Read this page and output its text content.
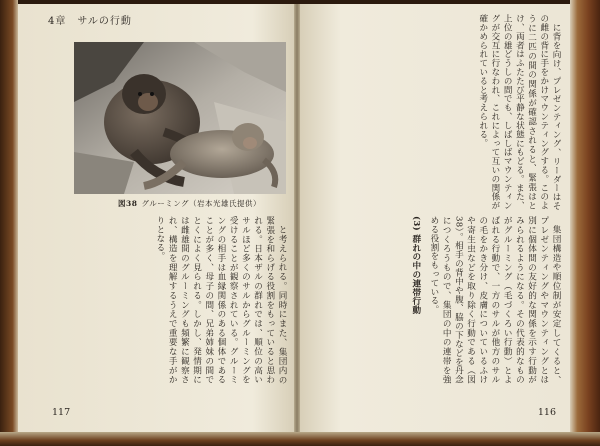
4章　サルの行動
図38 グルーミング（岩本光雄氏提供）

と考えられる。同時にまた、集団内の緊張を和らげる役割をもっていると思われる。日本ザルの群れでは、順位の高いサルほど多くのサルからグルーミングを受けることが観察されている。グルーミングの相手は血縁関係のある個体であることが多く、母子の間、兄弟姉妹の間でとくによく見られる。しかし、発情期には雌雄間のグルーミングも頻繁に観察され、構造を理解するうえで重要な手がかりとなる。

117

に背を向け、プレゼンティング、リーダーはその雌の背に手をかけマウンティングする。このように二匹の間の関係が確認されると、緊張はとけ、両者はふたたび平静な状態にもどる。また、上位の雄どうしの間でも、しばしばマウンティングが交互に行なわれ、これによって互いの関係が確かめられていると考えられる。

集団構造や順位制が安定してくると、プレゼンティングやマウンティングとは別に個体間の友好的な関係を示す行動がみられるようになる。その代表的なものがグルーミング（毛づくろい行動）とよばれる行動で、一方のサルが他方のサルの毛をかき分け、皮膚についているふけや寄生虫などを取り除く行動である（図38）。相手の背中や腹、脇の下などを丹念につくろうもので、集団の中の連帯を強める役割をもっている。

(3) 群れの中の連帯行動

116
